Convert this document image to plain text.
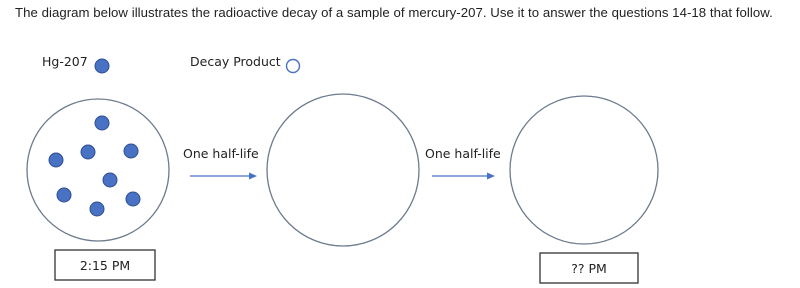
The diagram below illustrates the radioactive decay of a sample of mercury-207. Use it to answer the questions 14-18 that follow.
Hg-207	Decay Product
2:15 PM
One half-life	One half-life
?? PM
